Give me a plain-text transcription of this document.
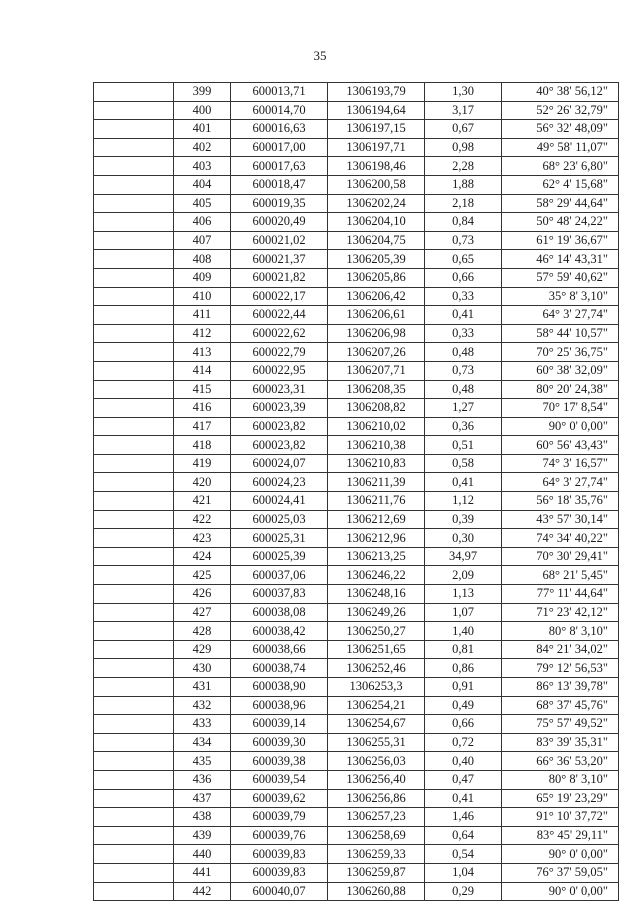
35
	399	600013,71	1306193,79	1,30	40° 38' 56,12"
	400	600014,70	1306194,64	3,17	52° 26' 32,79"
	401	600016,63	1306197,15	0,67	56° 32' 48,09"
	402	600017,00	1306197,71	0,98	49° 58' 11,07"
	403	600017,63	1306198,46	2,28	68° 23' 6,80"
	404	600018,47	1306200,58	1,88	62° 4' 15,68"
	405	600019,35	1306202,24	2,18	58° 29' 44,64"
	406	600020,49	1306204,10	0,84	50° 48' 24,22"
	407	600021,02	1306204,75	0,73	61° 19' 36,67"
	408	600021,37	1306205,39	0,65	46° 14' 43,31"
	409	600021,82	1306205,86	0,66	57° 59' 40,62"
	410	600022,17	1306206,42	0,33	35° 8' 3,10"
	411	600022,44	1306206,61	0,41	64° 3' 27,74"
	412	600022,62	1306206,98	0,33	58° 44' 10,57"
	413	600022,79	1306207,26	0,48	70° 25' 36,75"
	414	600022,95	1306207,71	0,73	60° 38' 32,09"
	415	600023,31	1306208,35	0,48	80° 20' 24,38"
	416	600023,39	1306208,82	1,27	70° 17' 8,54"
	417	600023,82	1306210,02	0,36	90° 0' 0,00"
	418	600023,82	1306210,38	0,51	60° 56' 43,43"
	419	600024,07	1306210,83	0,58	74° 3' 16,57"
	420	600024,23	1306211,39	0,41	64° 3' 27,74"
	421	600024,41	1306211,76	1,12	56° 18' 35,76"
	422	600025,03	1306212,69	0,39	43° 57' 30,14"
	423	600025,31	1306212,96	0,30	74° 34' 40,22"
	424	600025,39	1306213,25	34,97	70° 30' 29,41"
	425	600037,06	1306246,22	2,09	68° 21' 5,45"
	426	600037,83	1306248,16	1,13	77° 11' 44,64"
	427	600038,08	1306249,26	1,07	71° 23' 42,12"
	428	600038,42	1306250,27	1,40	80° 8' 3,10"
	429	600038,66	1306251,65	0,81	84° 21' 34,02"
	430	600038,74	1306252,46	0,86	79° 12' 56,53"
	431	600038,90	1306253,3	0,91	86° 13' 39,78"
	432	600038,96	1306254,21	0,49	68° 37' 45,76"
	433	600039,14	1306254,67	0,66	75° 57' 49,52"
	434	600039,30	1306255,31	0,72	83° 39' 35,31"
	435	600039,38	1306256,03	0,40	66° 36' 53,20"
	436	600039,54	1306256,40	0,47	80° 8' 3,10"
	437	600039,62	1306256,86	0,41	65° 19' 23,29"
	438	600039,79	1306257,23	1,46	91° 10' 37,72"
	439	600039,76	1306258,69	0,64	83° 45' 29,11"
	440	600039,83	1306259,33	0,54	90° 0' 0,00"
	441	600039,83	1306259,87	1,04	76° 37' 59,05"
	442	600040,07	1306260,88	0,29	90° 0' 0,00"
